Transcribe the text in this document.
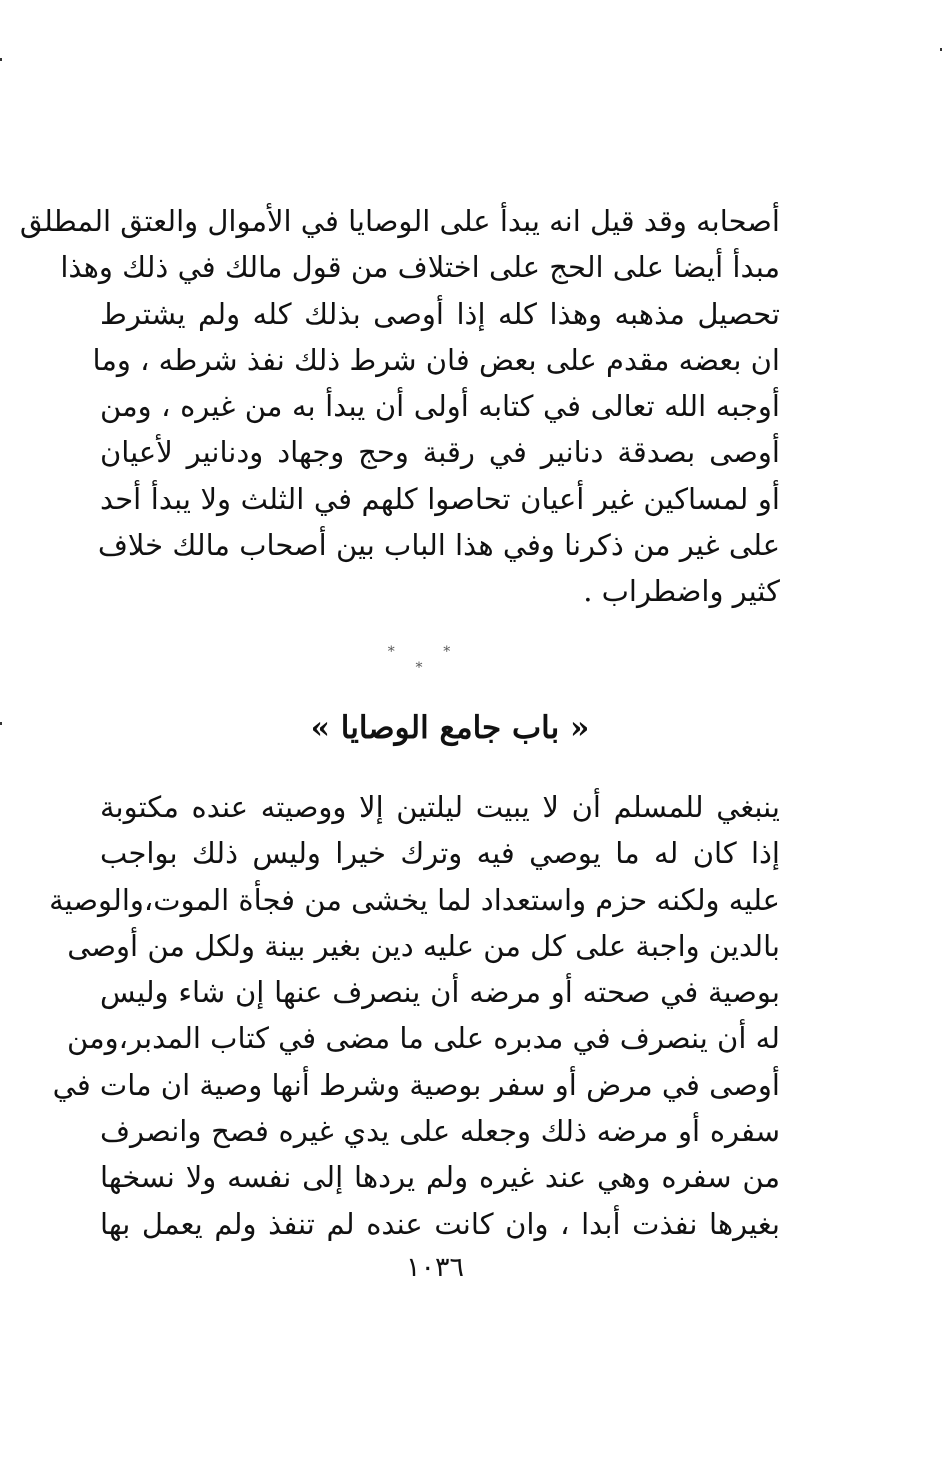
أصحابه وقد قيل انه يبدأ على الوصايا في الأموال والعتق المطلق
مبدأ أيضا على الحج على اختلاف من قول مالك في ذلك وهذا
تحصيل مذهبه وهذا كله إذا أوصى بذلك كله ولم يشترط
ان بعضه مقدم على بعض فان شرط ذلك نفذ شرطه ، وما
أوجبه الله تعالى في كتابه أولى أن يبدأ به من غيره ، ومن
أوصى بصدقة دنانير في رقبة وحج وجهاد ودنانير لأعيان
أو لمساكين غير أعيان تحاصوا كلهم في الثلث ولا يبدأ أحد
على غير من ذكرنا وفي هذا الباب بين أصحاب مالك خلاف
كثير واضطراب .
* * *
« باب جامع الوصايا »
ينبغي للمسلم أن لا يبيت ليلتين إلا ووصيته عنده مكتوبة
إذا كان له ما يوصي فيه وترك خيرا وليس ذلك بواجب
عليه ولكنه حزم واستعداد لما يخشى من فجأة الموت،والوصية
بالدين واجبة على كل من عليه دين بغير بينة ولكل من أوصى
بوصية في صحته أو مرضه أن ينصرف عنها إن شاء وليس
له أن ينصرف في مدبره على ما مضى في كتاب المدبر،ومن
أوصى في مرض أو سفر بوصية وشرط أنها وصية ان مات في
سفره أو مرضه ذلك وجعله على يدي غيره فصح وانصرف
من سفره وهي عند غيره ولم يردها إلى نفسه ولا نسخها
بغيرها نفذت أبدا ، وان كانت عنده لم تنفذ ولم يعمل بها
١٠٣٦
